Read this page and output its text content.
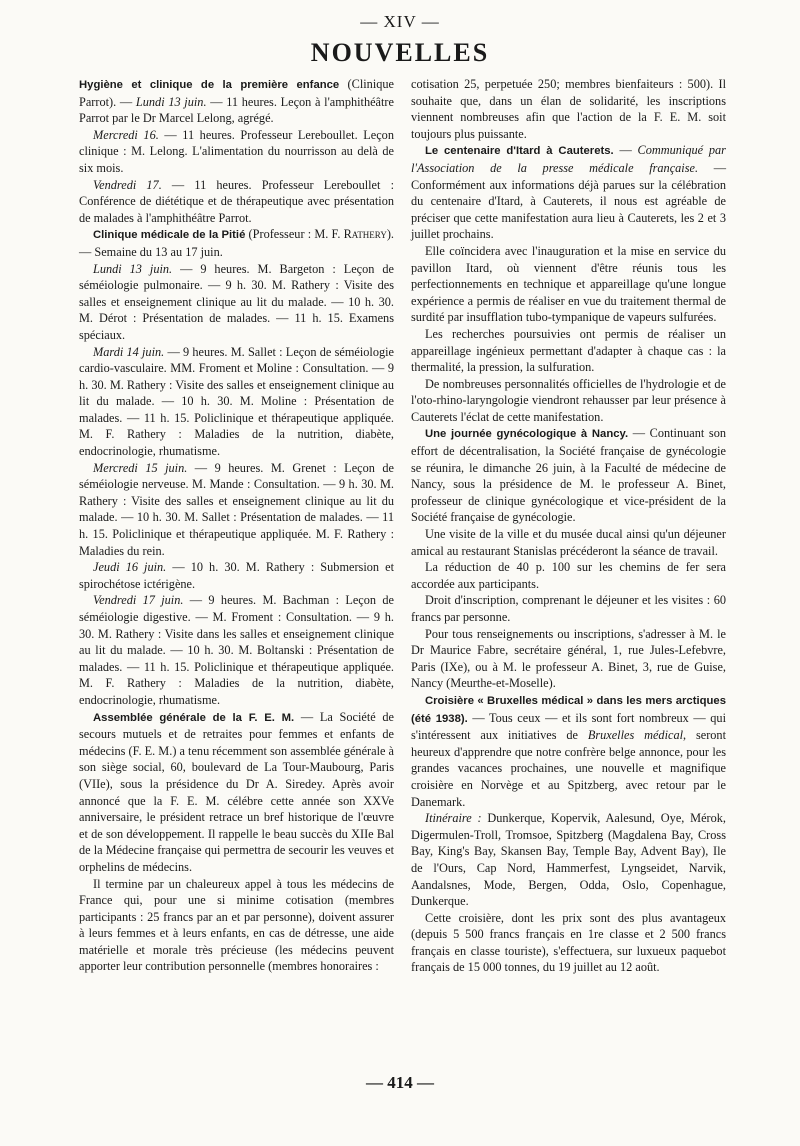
— XIV —
NOUVELLES

Hygiène et clinique de la première enfance (Clinique Parrot). — Lundi 13 juin. — 11 heures. Leçon à l'amphithéâtre Parrot par le Dr Marcel Lelong, agrégé.

Mercredi 16. — 11 heures. Professeur Lereboullet. Leçon clinique : M. Lelong. L'alimentation du nourrisson au delà de six mois.

Vendredi 17. — 11 heures. Professeur Lereboullet : Conférence de diététique et de thérapeutique avec présentation de malades à l'amphithéâtre Parrot.

Clinique médicale de la Pitié (Professeur : M. F. Rathery). — Semaine du 13 au 17 juin.

Lundi 13 juin. — 9 heures. M. Bargeton : Leçon de séméiologie pulmonaire. — 9 h. 30. M. Rathery : Visite des salles et enseignement clinique au lit du malade. — 10 h. 30. M. Dérot : Présentation de malades. — 11 h. 15. Examens spéciaux.

Mardi 14 juin. — 9 heures. M. Sallet : Leçon de séméiologie cardio-vasculaire. MM. Froment et Moline : Consultation. — 9 h. 30. M. Rathery : Visite des salles et enseignement clinique au lit du malade. — 10 h. 30. M. Moline : Présentation de malades. — 11 h. 15. Policlinique et thérapeutique appliquée. M. F. Rathery : Maladies de la nutrition, diabète, endocrinologie, rhumatisme.

Mercredi 15 juin. — 9 heures. M. Grenet : Leçon de séméiologie nerveuse. M. Mande : Consultation. — 9 h. 30. M. Rathery : Visite des salles et enseignement clinique au lit du malade. — 10 h. 30. M. Sallet : Présentation de malades. — 11 h. 15. Policlinique et thérapeutique appliquée. M. F. Rathery : Maladies du rein.

Jeudi 16 juin. — 10 h. 30. M. Rathery : Submersion et spirochétose ictérigène.

Vendredi 17 juin. — 9 heures. M. Bachman : Leçon de séméiologie digestive. — M. Froment : Consultation. — 9 h. 30. M. Rathery : Visite dans les salles et enseignement clinique au lit du malade. — 10 h. 30. M. Boltanski : Présentation de malades. — 11 h. 15. Policlinique et thérapeutique appliquée. M. F. Rathery : Maladies de la nutrition, diabète, endocrinologie, rhumatisme.

Assemblée générale de la F. E. M. — La Société de secours mutuels et de retraites pour femmes et enfants de médecins (F. E. M.) a tenu récemment son assemblée générale à son siège social, 60, boulevard de La Tour-Maubourg, Paris (VIIe), sous la présidence du Dr A. Siredey. Après avoir annoncé que la F. E. M. célébre cette année son XXVe anniversaire, le président retrace un bref historique de l'œuvre et de son développement. Il rappelle le beau succès du XIIe Bal de la Médecine française qui permettra de secourir les veuves et orphelins de médecins.

Il termine par un chaleureux appel à tous les médecins de France qui, pour une si minime cotisation (membres participants : 25 francs par an et par personne), doivent assurer à leurs femmes et à leurs enfants, en cas de détresse, une aide matérielle et morale très précieuse (les médecins peuvent apporter leur contribution personnelle (membres honoraires :

cotisation 25, perpetuée 250; membres bienfaiteurs : 500). Il souhaite que, dans un élan de solidarité, les inscriptions viennent nombreuses afin que l'action de la F. E. M. soit toujours plus puissante.

Le centenaire d'Itard à Cauterets. — Communiqué par l'Association de la presse médicale française. — Conformément aux informations déjà parues sur la célébration du centenaire d'Itard, à Cauterets, il nous est agréable de préciser que cette manifestation aura lieu à Cauterets, les 2 et 3 juillet prochains.

Elle coïncidera avec l'inauguration et la mise en service du pavillon Itard, où viennent d'être réunis tous les perfectionnements en technique et appareillage qu'une longue expérience a permis de réaliser en vue du traitement thermal de surdité par insufflation tubo-tympanique de vapeurs sulfurées.

Les recherches poursuivies ont permis de réaliser un appareillage ingénieux permettant d'adapter à chaque cas : la thermalité, la pression, la sulfuration.

De nombreuses personnalités officielles de l'hydrologie et de l'oto-rhino-laryngologie viendront rehausser par leur présence à Cauterets l'éclat de cette manifestation.

Une journée gynécologique à Nancy. — Continuant son effort de décentralisation, la Société française de gynécologie se réunira, le dimanche 26 juin, à la Faculté de médecine de Nancy, sous la présidence de M. le professeur A. Binet, professeur de clinique gynécologique et vice-président de la Société française de gynécologie.

Une visite de la ville et du musée ducal ainsi qu'un déjeuner amical au restaurant Stanislas précéderont la séance de travail.

La réduction de 40 p. 100 sur les chemins de fer sera accordée aux participants.

Droit d'inscription, comprenant le déjeuner et les visites : 60 francs par personne.

Pour tous renseignements ou inscriptions, s'adresser à M. le Dr Maurice Fabre, secrétaire général, 1, rue Jules-Lefebvre, Paris (IXe), ou à M. le professeur A. Binet, 3, rue de Guise, Nancy (Meurthe-et-Moselle).

Croisière « Bruxelles médical » dans les mers arctiques (été 1938). — Tous ceux — et ils sont fort nombreux — qui s'intéressent aux initiatives de Bruxelles médical, seront heureux d'apprendre que notre confrère belge annonce, pour les grandes vacances prochaines, une nouvelle et magnifique croisière en Norvège et au Spitzberg, avec retour par le Danemark.

Itinéraire : Dunkerque, Kopervik, Aalesund, Oye, Mérok, Digermulen-Troll, Tromsoe, Spitzberg (Magdalena Bay, Cross Bay, King's Bay, Skansen Bay, Temple Bay, Advent Bay), Ile de l'Ours, Cap Nord, Hammerfest, Lyngseidet, Narvik, Aandalsnes, Mode, Bergen, Odda, Oslo, Copenhague, Dunkerque.

Cette croisière, dont les prix sont des plus avantageux (depuis 5 500 francs français en 1re classe et 2 500 francs français en classe touriste), s'effectuera, sur luxueux paquebot français de 15 000 tonnes, du 19 juillet au 12 août.

— 414 —
